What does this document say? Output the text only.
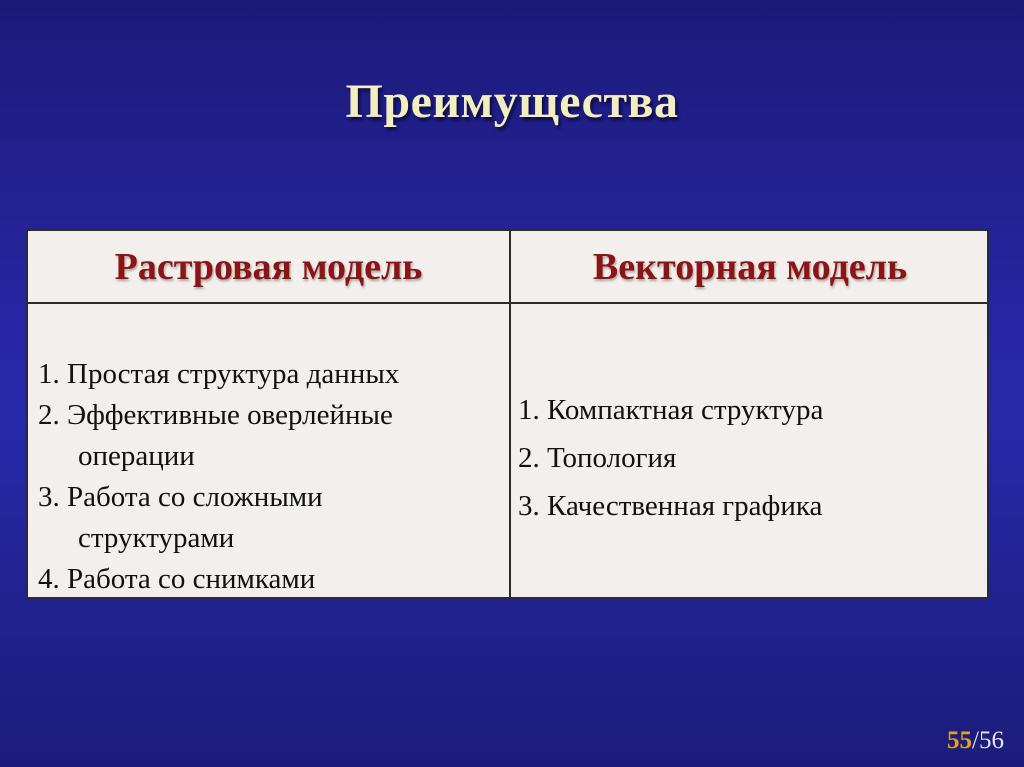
Преимущества
Растровая модель	Векторная модель
1. Простая структура данных
2. Эффективные оверлейные
операции
3. Работа со сложными
структурами
4. Работа со снимками
1. Компактная структура
2. Топология
3. Качественная графика
55/56
